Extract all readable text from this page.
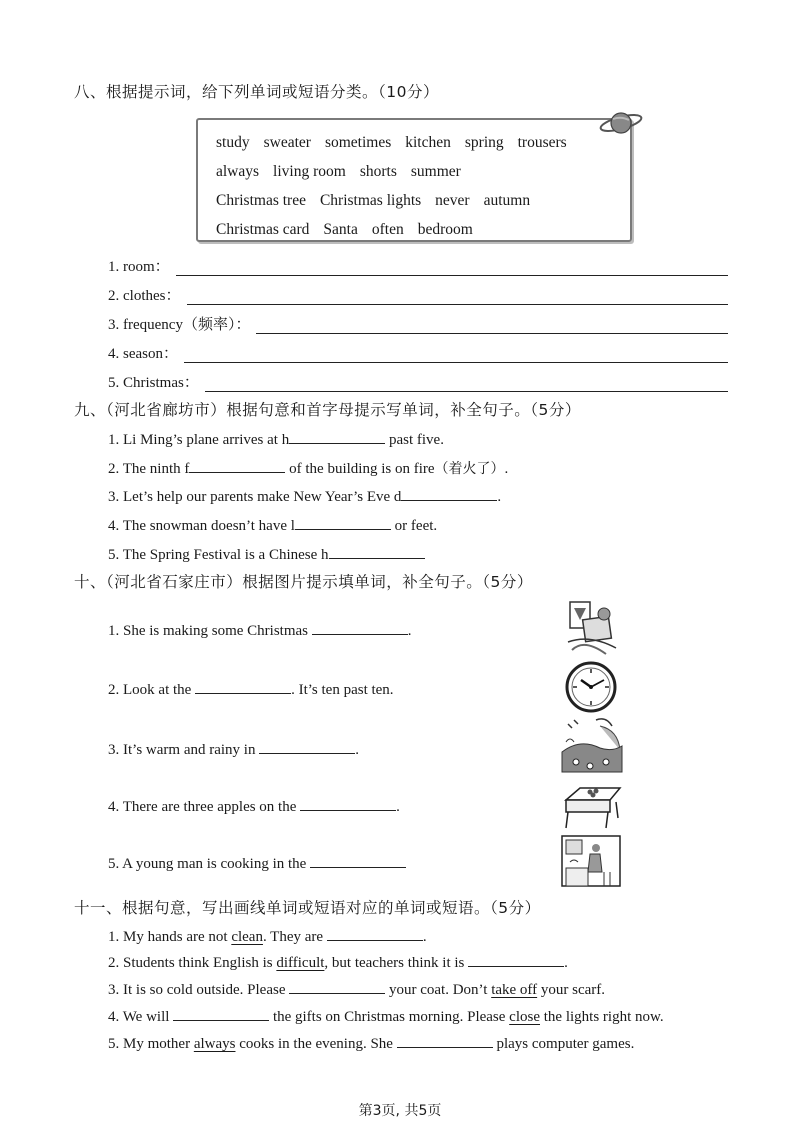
八、根据提示词，给下列单词或短语分类。（10分）
study sweater sometimes kitchen spring trousers
always living room shorts summer
Christmas tree Christmas lights never autumn
Christmas card Santa often bedroom
1. room：
2. clothes：
3. frequency（频率）：
4. season：
5. Christmas：
九、（河北省廊坊市）根据句意和首字母提示写单词，补全句子。（5分）
1. Li Ming’s plane arrives at h	past five.
2. The ninth f	of the building is on fire（着火了）.
3. Let’s help our parents make New Year’s Eve d	.
4. The snowman doesn’t have l	or feet.
5. The Spring Festival is a Chinese h
十、（河北省石家庄市）根据图片提示填单词，补全句子。（5分）
1. She is making some Christmas	.
2. Look at the	. It’s ten past ten.
3. It’s warm and rainy in	.
4. There are three apples on the	.
5. A young man is cooking in the
十一、根据句意，写出画线单词或短语对应的单词或短语。（5分）
1. My hands are not clean. They are	.
2. Students think English is difficult, but teachers think it is	.
3. It is so cold outside. Please	your coat. Don’t take off your scarf.
4. We will	the gifts on Christmas morning. Please close the lights right now.
5. My mother always cooks in the evening. She	plays computer games.
第3页, 共5页
